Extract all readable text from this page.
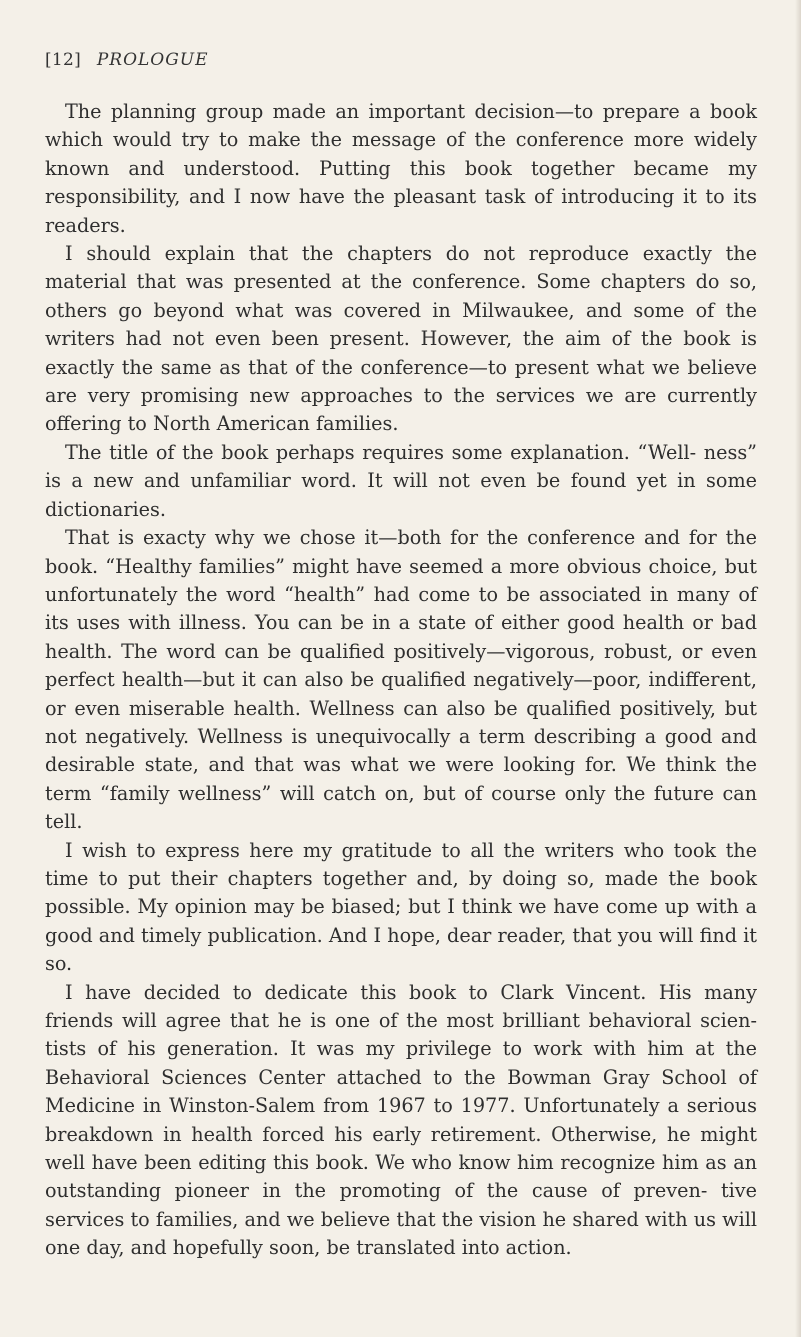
[12] PROLOGUE

The planning group made an important decision—to prepare a book which would try to make the message of the conference more widely known and understood. Putting this book together became my responsibility, and I now have the pleasant task of introducing it to its readers.

I should explain that the chapters do not reproduce exactly the material that was presented at the conference. Some chapters do so, others go beyond what was covered in Milwaukee, and some of the writers had not even been present. However, the aim of the book is exactly the same as that of the conference—to present what we believe are very promising new approaches to the services we are currently offering to North American families.

The title of the book perhaps requires some explanation. “Well- ness” is a new and unfamiliar word. It will not even be found yet in some dictionaries.

That is exacty why we chose it—both for the conference and for the book. “Healthy families” might have seemed a more obvious choice, but unfortunately the word “health” had come to be associated in many of its uses with illness. You can be in a state of either good health or bad health. The word can be qualified positively—vigorous, robust, or even perfect health—but it can also be qualified negatively—poor, indifferent, or even miserable health. Wellness can also be qualified positively, but not negatively. Wellness is unequivocally a term describing a good and desirable state, and that was what we were looking for. We think the term “family wellness” will catch on, but of course only the future can tell.

I wish to express here my gratitude to all the writers who took the time to put their chapters together and, by doing so, made the book possible. My opinion may be biased; but I think we have come up with a good and timely publication. And I hope, dear reader, that you will find it so.

I have decided to dedicate this book to Clark Vincent. His many friends will agree that he is one of the most brilliant behavioral scien- tists of his generation. It was my privilege to work with him at the Behavioral Sciences Center attached to the Bowman Gray School of Medicine in Winston-Salem from 1967 to 1977. Unfortunately a serious breakdown in health forced his early retirement. Otherwise, he might well have been editing this book. We who know him recognize him as an outstanding pioneer in the promoting of the cause of preven- tive services to families, and we believe that the vision he shared with us will one day, and hopefully soon, be translated into action.
